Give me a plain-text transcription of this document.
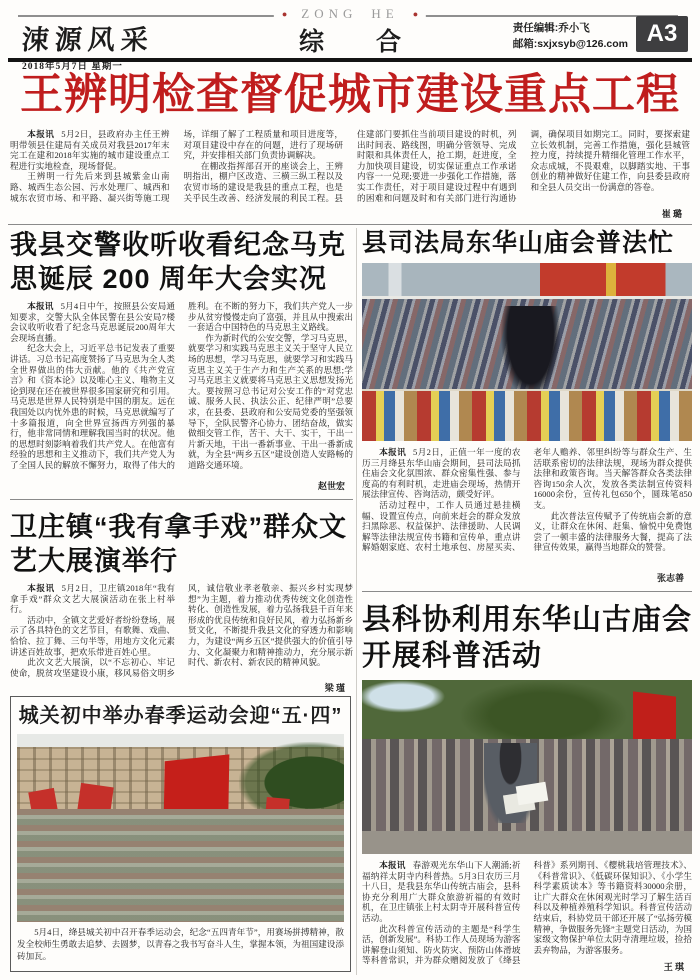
涑源风采
2018年5月7日 星期一
● ZONG HE ●
综 合	责任编辑:乔小飞
邮箱:sxjxsyb@126.com A3
王辨明检查督促城市建设重点工程

本报讯 5月2日，县政府办主任王辨明带领县住建局有关成员对我县2017年末完工在建和2018年实施的城市建设重点工程进行实地检查，现场督促。

王辨明一行先后来到县城紫金山南路、城西生态公园、污水处理厂、城西和城东农贸市场、和平路、凝兴街等施工现场，详细了解了工程质量和项目进度等，对项目建设中存在的问题，进行了现场研究，并安排相关部门负责协调解决。

在棚改指挥部召开的座谈会上，王辨明指出，棚户区改造、三横三纵工程以及农贸市场的建设是我县的重点工程，也是关乎民生改善、经济发展的利民工程。县住建部门要抓住当前项目建设的时机，列出时间表、路线图，明确分管领导、完成时限和具体责任人，抢工期，赶进度，全力加快项目建设，切实保证重点工作承诺内容一一兑现;要进一步强化工作措施，落实工作责任，对于项目建设过程中有遇到的困难和问题及时和有关部门进行沟通协调，确保项目如期完工。同时，要探索建立长效机制，完善工作措施，强化县城管控力度，持续提升精细化管理工作水平，众志成城，不畏艰难，以脚踏实地、干事创业的精神做好住建工作，向县委县政府和全县人员交出一份满意的答卷。

崔 璐
我县交警收听收看纪念马克思诞辰 200 周年大会实况

本报讯 5月4日中午，按照县公安局通知要求，交警大队全体民警在县公安局7楼会议收听收看了纪念马克思诞辰200周年大会现场直播。

纪念大会上，习近平总书记发表了重要讲话。习总书记高度赞扬了马克思为全人类全世界做出的伟大贡献。他的《共产党宣言》和《资本论》以及唯心主义、唯物主义论到现在还在被世界很多国家研究和引用。马克思是世界人民特别是中国的朋友。远在我国处以内忧外患的时候，马克思就编写了十多篇报道，向全世界宣扬西方列强的暴行，他非常同情和理解我国当时的状况。他的思想时刻影响着我们共产党人。在他富有经验的思想和主义推动下，我们共产党人为了全国人民的解放不懈努力，取得了伟大的胜利。在不断的努力下，我们共产党人一步步从贫穷慢慢走向了富强，并且从中搜索出一套适合中国特色的马克思主义路线。

作为新时代的公安交警，学习马克思，就要学习和实践马克思主义关于坚守人民立场的思想，学习马克思，就要学习和实践马克思主义关于生产力和生产关系的思想;学习马克思主义就要将马克思主义思想发扬光大。要按照习总书记对公安工作的“对党忠诚、服务人民、执法公正、纪律严明”总要求，在县委、县政府和公安局党委的坚强领导下，全队民警齐心协力、团结奋战，做实做细交管工作，苦干、大干、实干，干出一片新天地，干出一番新事业、干出一番新成就，为全县“两乡五区”建设创造人安路畅的道路交通环境。

赵世宏
卫庄镇“我有拿手戏”群众文艺大展演举行

本报讯 5月2日，卫庄镇2018年“我有拿手戏”群众文艺大展演活动在张上村举行。

活动中，全镇文艺爱好者纷纷登场，展示了各具特色的文艺节目，有歌舞、戏曲、恰恰、拉丁舞、三句半等，用地方文化元素讲述百姓故事，把欢乐带进百姓心里。

此次文艺大展演，以“不忘初心、牢记使命，脱贫攻坚建设小康，移风易俗文明乡风，诚信敬业孝老敬亲、振兴乡村实现梦想”为主题，着力推动优秀传统文化创造性转化、创造性发展，着力弘扬我县千百年来形成的优良传统和良好民风，着力弘扬新乡贤文化，不断提升我县文化的穿透力和影响力，为建设“两乡五区”提供强大的价值引导力、文化凝聚力和精神推动力，充分展示新时代、新农村、新农民的精神风貌。

梁 瑾
城关初中举办春季运动会迎“五·四”
5月4日，绛县城关初中召开春季运动会，纪念“五四青年节”，用赛场拼搏精神，散发全校师生勇敢去追梦、去圆梦，以青春之我书写奋斗人生，掌握本领，为祖国建设添砖加瓦。
县司法局东华山庙会普法忙

本报讯 5月2日，正值一年一度的农历三月绛县东华山庙会期间，县司法局抓住庙会文化氛围浓、群众密集性强、参与度高的有利时机，走进庙会现场，热情开展法律宣传、咨询活动，颇受好评。

活动过程中，工作人员通过悬挂横幅、设置宣传点，向前来赶会的群众发放扫黑除恶、权益保护、法律援助、人民调解等法律法规宣传书籍和宣传单，重点讲解婚姻家庭、农村土地承包、房屋买卖、老年人赡养、邻里纠纷等与群众生产、生活联系密切的法律法规，现场为群众提供法律和政策咨询。当天解答群众各类法律咨询150余人次，发放各类法制宣传资料16000余份，宣传礼包650个，圆珠笔850支。

此次普法宣传赋予了传统庙会新的意义，让群众在休闲、赶集、愉悦中免费饱尝了一顿丰盛的法律服务大餐，提高了法律宣传效果，赢得当地群众的赞誉。

张志善
县科协利用东华山古庙会开展科普活动

本报讯 春游观光东华山下人潮涌;祈福纳祥太阴寺内科普热。5月3日农历三月十八日，是我县东华山传统古庙会，县科协充分利用广大群众旅游祈福的有效时机，在卫庄镇张上村太阴寺开展科普宣传活动。

此次科普宣传活动的主题是“科学生活，创新发展”。科协工作人员现场为游客讲解登山须知、防火防灾、预防山体滑坡等科普常识，并为群众赠阅发放了《绛县科普》系列期刊、《樱桃栽培管理技术》、《科普常识》、《低碳环保知识》、《小学生科学素质读本》等书籍资料30000余册，让广大群众在休闲观光时学习了解生活百科以及种植养殖科学知识。科普宣传活动结束后，科协党员干部还开展了“弘扬劳模精神，争做服务先锋”主题党日活动，为国家级文物保护单位太阴寺清理垃圾，捡拾丢弃物品，为游客服务。

王 琪
